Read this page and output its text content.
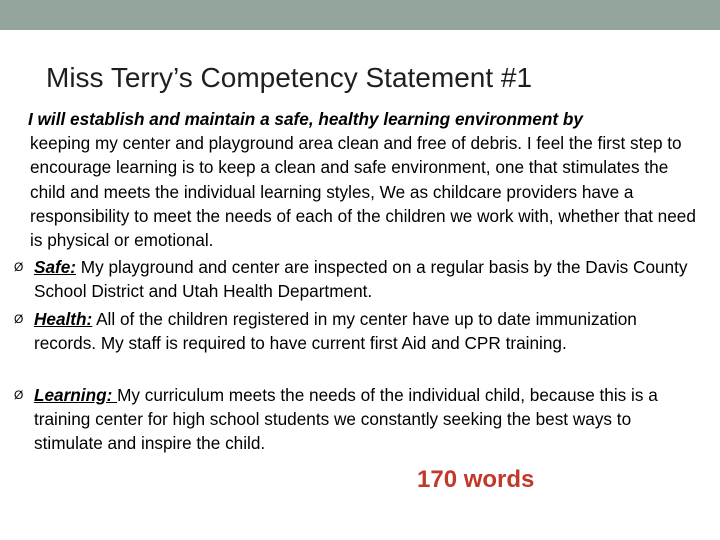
Miss Terry’s Competency Statement #1
I will establish and maintain a safe, healthy learning environment by
keeping my center and playground area clean and free of debris. I feel the first step to encourage learning is to keep a clean and safe environment, one that stimulates the child and meets the individual learning styles, We as childcare providers have a responsibility to meet the needs of each of the children we work with, whether that need is physical or emotional.
Ø Safe: My playground and center are inspected on a regular basis by the Davis County School District and Utah Health Department.
Ø Health: All of the children registered in my center have up to date immunization records. My staff is required to have current first Aid and CPR training.
Ø Learning: My curriculum meets the needs of the individual child, because this is a training center for high school students we constantly seeking the best ways to stimulate and inspire the child.
170 words
